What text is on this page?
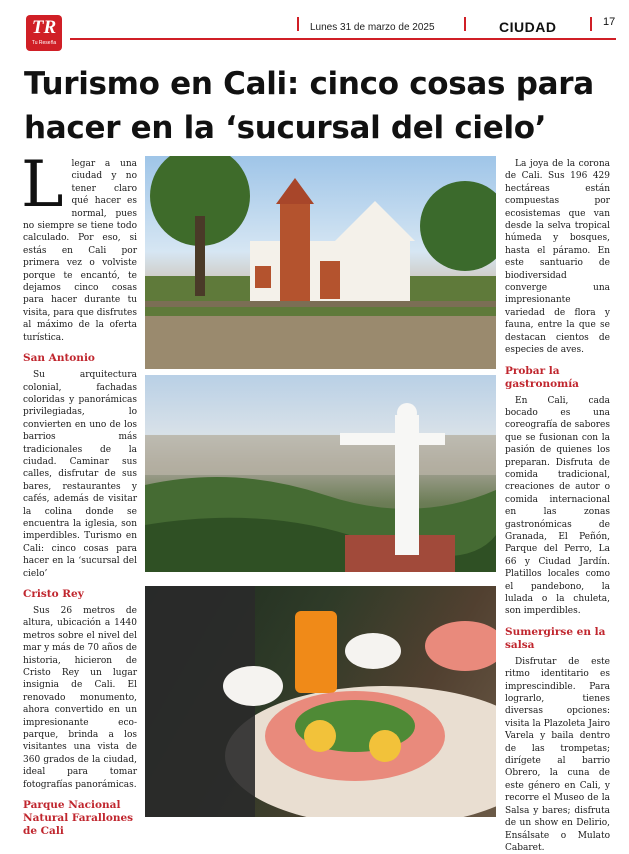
TR
Tu Reseña
Lunes 31 de marzo de 2025	CIUDAD	17
Turismo en Cali: cinco cosas para hacer en la ‘sucursal del cielo’

Llegar a una ciudad y no tener claro qué hacer es normal, pues no siempre se tiene todo calculado. Por eso, si estás en Cali por primera vez o volviste porque te encantó, te dejamos cinco cosas para hacer durante tu visita, para que disfrutes al máximo de la oferta turística.

San Antonio

Su arquitectura colonial, fachadas coloridas y panorámicas privilegiadas, lo convierten en uno de los barrios más tradicionales de la ciudad. Caminar sus calles, disfrutar de sus bares, restaurantes y cafés, además de visitar la colina donde se encuentra la iglesia, son imperdibles. Turismo en Cali: cinco cosas para hacer en la ‘sucursal del cielo’

Cristo Rey

Sus 26 metros de altura, ubicación a 1440 metros sobre el nivel del mar y más de 70 años de historia, hicieron de Cristo Rey un lugar insignia de Cali. El renovado monumento, ahora convertido en un impresionante eco-parque, brinda a los visitantes una vista de 360 grados de la ciudad, ideal para tomar fotografías panorámicas.

Parque Nacional Natural Farallones de Cali

La joya de la corona de Cali. Sus 196 429 hectáreas están compuestas por ecosistemas que van desde la selva tropical húmeda y bosques, hasta el páramo. En este santuario de biodiversidad converge una impresionante variedad de flora y fauna, entre la que se destacan cientos de especies de aves.

Probar la gastronomía

En Cali, cada bocado es una coreografía de sabores que se fusionan con la pasión de quienes los preparan. Disfruta de comida tradicional, creaciones de autor o comida internacional en las zonas gastronómicas de Granada, El Peñón, Parque del Perro, La 66 y Ciudad Jardín. Platillos locales como el pandebono, la lulada o la chuleta, son imperdibles.

Sumergirse en la salsa

Disfrutar de este ritmo identitario es imprescindible. Para lograrlo, tienes diversas opciones: visita la Plazoleta Jairo Varela y baila dentro de las trompetas; dirígete al barrio Obrero, la cuna de este género en Cali, y recorre el Museo de la Salsa y bares; disfruta de un show en Delirio, Ensálsate o Mulato Cabaret.
